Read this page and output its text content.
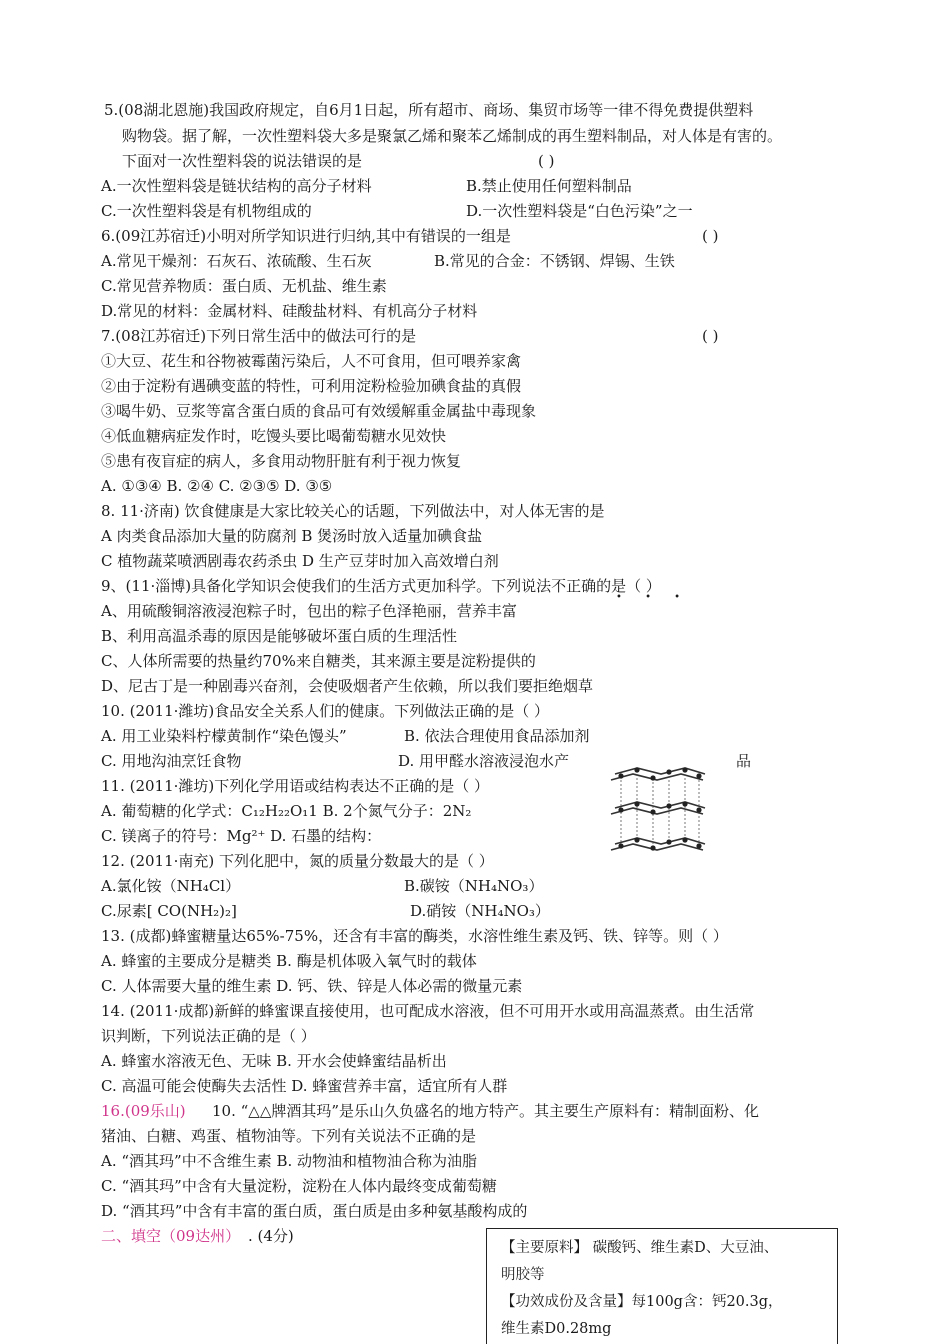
5.(08湖北恩施)我国政府规定，自6月1日起，所有超市、商场、集贸市场等一律不得免费提供塑料
购物袋。据了解，一次性塑料袋大多是聚氯乙烯和聚苯乙烯制成的再生塑料制品，对人体是有害的。
下面对一次性塑料袋的说法错误的是	( )
A.一次性塑料袋是链状结构的高分子材料	B.禁止使用任何塑料制品
C.一次性塑料袋是有机物组成的	D.一次性塑料袋是“白色污染”之一
6.(09江苏宿迁)小明对所学知识进行归纳,其中有错误的一组是	( )
A.常见干燥剂：石灰石、浓硫酸、生石灰	B.常见的合金：不锈钢、焊锡、生铁
C.常见营养物质：蛋白质、无机盐、维生素
D.常见的材料：金属材料、硅酸盐材料、有机高分子材料
7.(08江苏宿迁)下列日常生活中的做法可行的是	( )
①大豆、花生和谷物被霉菌污染后，人不可食用，但可喂养家禽
②由于淀粉有遇碘变蓝的特性，可利用淀粉检验加碘食盐的真假
③喝牛奶、豆浆等富含蛋白质的食品可有效缓解重金属盐中毒现象
④低血糖病症发作时，吃馒头要比喝葡萄糖水见效快
⑤患有夜盲症的病人，多食用动物肝脏有利于视力恢复
A. ①③④ B. ②④ C. ②③⑤ D. ③⑤
8. 11·济南) 饮食健康是大家比较关心的话题，下列做法中，对人体无害的是
A 肉类食品添加大量的防腐剂 B 煲汤时放入适量加碘食盐
C 植物蔬菜喷洒剧毒农药杀虫 D 生产豆芽时加入高效增白剂
9、(11·淄博)具备化学知识会使我们的生活方式更加科学。下列说法不正确的是（ ）
• • •
A、用硫酸铜溶液浸泡粽子时，包出的粽子色泽艳丽，营养丰富
B、利用高温杀毒的原因是能够破坏蛋白质的生理活性
C、人体所需要的热量约70%来自糖类，其来源主要是淀粉提供的
D、尼古丁是一种剧毒兴奋剂，会使吸烟者产生依赖，所以我们要拒绝烟草
10. (2011·潍坊)食品安全关系人们的健康。下列做法正确的是（ ）
A. 用工业染料柠檬黄制作“染色馒头”	B. 依法合理使用食品添加剂
C. 用地沟油烹饪食物	D. 用甲醛水溶液浸泡水产	品
11. (2011·潍坊)下列化学用语或结构表达不正确的是（ ）
A. 葡萄糖的化学式：C₁₂H₂₂O₁1 B. 2个氮气分子：2N₂
C. 镁离子的符号：Mg²⁺ D. 石墨的结构：
12. (2011·南充) 下列化肥中，氮的质量分数最大的是（ ）
A.氯化铵（NH₄Cl）	B.碳铵（NH₄NO₃）
C.尿素[ CO(NH₂)₂]	D.硝铵（NH₄NO₃）
13. (成都)蜂蜜糖量达65%-75%，还含有丰富的酶类，水溶性维生素及钙、铁、锌等。则（ ）
A. 蜂蜜的主要成分是糖类 B. 酶是机体吸入氧气时的载体
C. 人体需要大量的维生素 D. 钙、铁、锌是人体必需的微量元素
14. (2011·成都)新鲜的蜂蜜课直接使用，也可配成水溶液，但不可用开水或用高温蒸煮。由生活常
识判断，下列说法正确的是（ ）
A. 蜂蜜水溶液无色、无味 B. 开水会使蜂蜜结晶析出
C. 高温可能会使酶失去活性 D. 蜂蜜营养丰富，适宜所有人群
16.(09乐山) 10. “△△牌酒其玛”是乐山久负盛名的地方特产。其主要生产原料有：精制面粉、化
猪油、白糖、鸡蛋、植物油等。下列有关说法不正确的是
A. “酒其玛”中不含维生素 B. 动物油和植物油合称为油脂
C. “酒其玛”中含有大量淀粉，淀粉在人体内最终变成葡萄糖
D. “酒其玛”中含有丰富的蛋白质，蛋白质是由多种氨基酸构成的
二、填空（09达州） . (4分)
【主要原料】 碳酸钙、维生素D、大豆油、
明胶等
【功效成份及含量】每100g含：钙20.3g，
维生素D0.28mg
